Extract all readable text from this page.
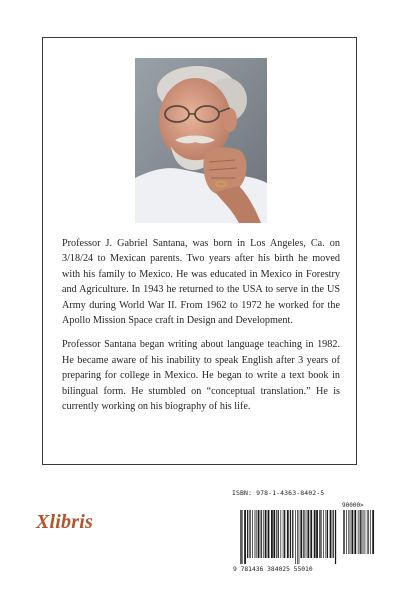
Professor J. Gabriel Santana, was born in Los Angeles, Ca. on 3/18/24 to Mexican parents. Two years after his birth he moved with his family to Mexico. He was educated in Mexico in Forestry and Agriculture. In 1943 he returned to the USA to serve in the US Army during World War II. From 1962 to 1972 he worked for the Apollo Mission Space craft in Design and Development.

Professor Santana began writing about language teaching in 1982. He became aware of his inability to speak English after 3 years of preparing for college in Mexico. He began to write a text book in bilingual form. He stumbled on “conceptual translation.” He is currently working on his biography of his life.

Xlibris
ISBN: 978-1-4363-8402-5
90000>
9 781436 384025 55010
